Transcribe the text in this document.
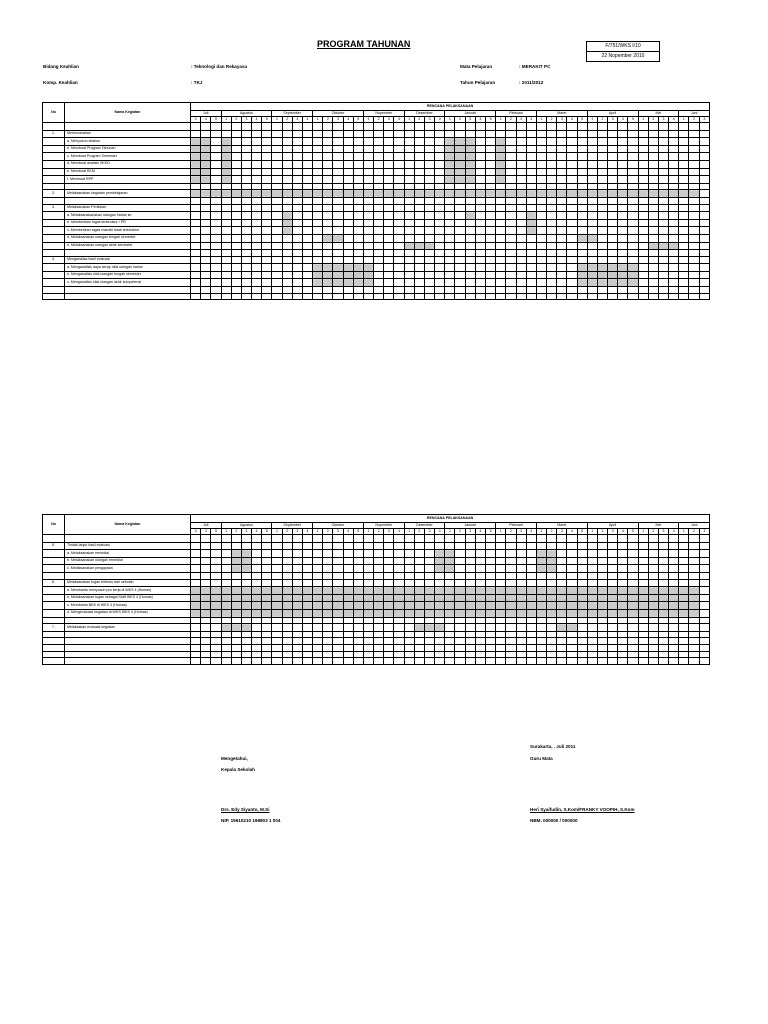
PROGRAM TAHUNAN	F/751/WKS I/10
22 Nopember 2010
Bidang Keahlian	: Teknologi dan Rekayasa
Komp. Keahlian	: TKJ
Mata Pelajaran	: MERAKIT PC
Tahun Pelajaran	: 2011/2012
No	Nama Kegiatan	RENCANA PELAKSANAAN																																																		
		Juli			Agustus					September				Oktober					Nopember				Desember				Januari					Pebruari				Maret					April					Mei				Juni		
		3	4	5	1	2	3	4	5	1	2	3	4	1	2	3	4	5	1	2	3	4	1	2	3	4	1	2	3	4	5	1	2	3	4	1	2	3	4	5	1	2	3	4	5	1	2	3	4	1	2	3

1.	Merencanakan																																																			
	a. Menyusun silabus																																																			
	b. Membuat Program Tahunan																																																			
	c. Membuat Program Semester																																																			
	d. Membuat analisis SKKD																																																			
	e. Membuat KKM																																																			
	f. Membuat RPP																																																			

2.	Melaksanakan kegiatan pembelajaran																																																			

3.	Melaksanakan Penilaian																																																			
	a. Melaksanakanakan ulangan harian ke																																																			
	b. Memberikan tugas terstruktur / PR																																																			
	c. Memberikan tugas mandiri tidak terstruktur																																																			
	d. Melaksanakan ulangan tengah semester																																																			
	e. Melaksanakan ulangan akhir semester																																																			

4.	Menganalisa hasil evaluasi																																																			
	a. Menganalisis daya serap nilai ulangan harian																																																			
	b. Menganalisis nilai ulangan tengah semester																																																			
	c. Menganalisis nilai ulangan akhir kompetensi																																																			

No	Nama Kegiatan	RENCANA PELAKSANAAN																																																		
		Juli			Agustus					September				Oktober					Nopember				Desember				Januari					Pebruari				Maret					April					Mei				Juni		
		3	4	5	1	2	3	4	5	1	2	3	4	1	2	3	4	5	1	2	3	4	1	2	3	4	1	2	3	4	5	1	2	3	4	1	2	3	4	5	1	2	3	4	5	1	2	3	4	1	2	3

5.	Tindak lanjut hasil evaluasi																																																			
	a. Melaksanakan remedial																																																			
	b. Melaksanakan ulangan remedial																																																			
	c. Melaksanakan pengayaan																																																			

6.	Melaksanakan tugas tertentu dari sekolah																																																			
	a. Membantu menyusun pro kerja di WKS 4 (Humas)																																																			
	b. Melaksanakan tugas sebagai Staff WKS 4 (Humas)																																																			
	c. Membantu BKK di WKS 4 (Humas)																																																			
	d. Mengevaluasi kegiatan di WKS WKS 4 (Humas)																																																			

7.	Melaksakan evaluasi kegiatan																																																			

Surakarta, . Juli 2011
Guru Mata
Mengetahui,
Kepala Sekolah
Drs. Edy Siyanto, M.Si
NIP. 19610210 198803 1 004
Heri Syaifudin, S.Kom/FRANKY VOOPIH, S.Kom
NBM. 000000 / 000000
